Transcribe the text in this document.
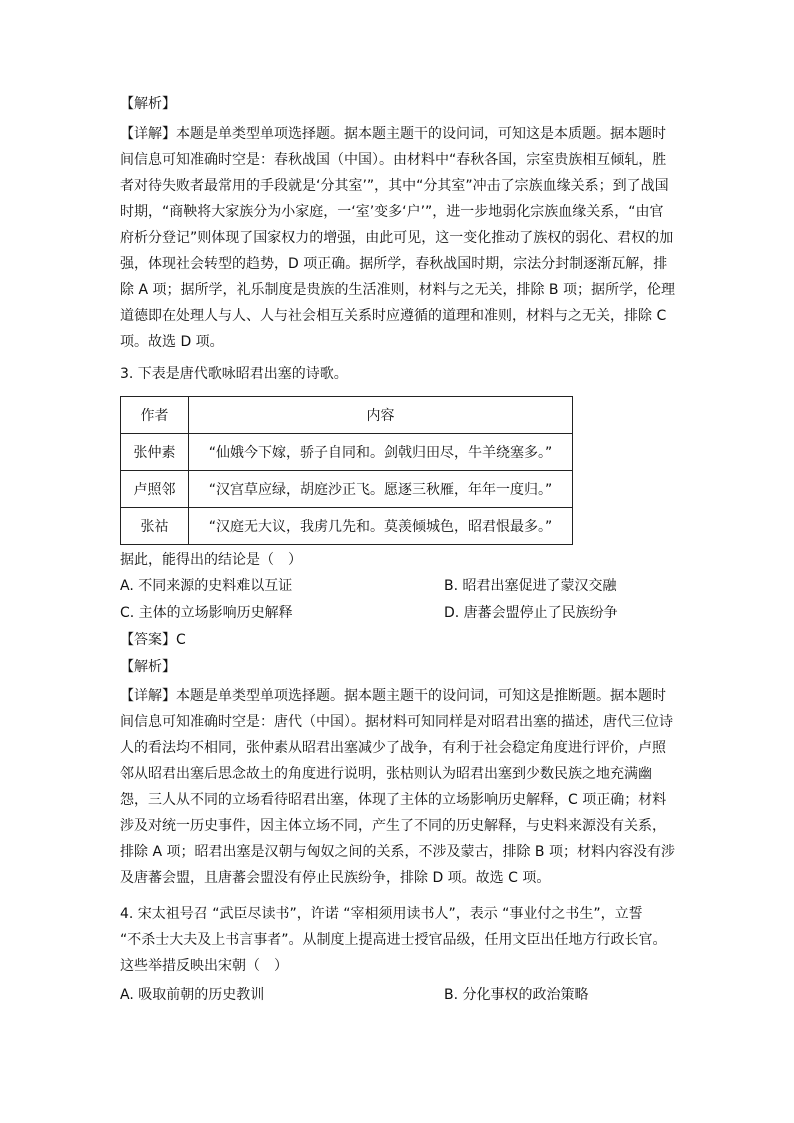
【解析】
【详解】本题是单类型单项选择题。据本题主题干的设问词，可知这是本质题。据本题时
间信息可知准确时空是：春秋战国（中国）。由材料中“春秋各国，宗室贵族相互倾轧，胜
者对待失败者最常用的手段就是‘分其室’”，其中“分其室”冲击了宗族血缘关系；到了战国
时期，“商鞅将大家族分为小家庭，一‘室’变多‘户’”，进一步地弱化宗族血缘关系，“由官
府析分登记”则体现了国家权力的增强，由此可见，这一变化推动了族权的弱化、君权的加
强，体现社会转型的趋势，D 项正确。据所学，春秋战国时期，宗法分封制逐渐瓦解，排
除 A 项；据所学，礼乐制度是贵族的生活准则，材料与之无关，排除 B 项；据所学，伦理
道德即在处理人与人、人与社会相互关系时应遵循的道理和准则，材料与之无关，排除 C
项。故选 D 项。
3. 下表是唐代歌咏昭君出塞的诗歌。
作者	内容
张仲素	“仙娥今下嫁，骄子自同和。剑戟归田尽，牛羊绕塞多。”
卢照邻	“汉宫草应绿，胡庭沙正飞。愿逐三秋雁，年年一度归。”
张祜	“汉庭无大议，我虏几先和。莫羡倾城色，昭君恨最多。”
据此，能得出的结论是（　）
A. 不同来源的史料难以互证	B. 昭君出塞促进了蒙汉交融
C. 主体的立场影响历史解释	D. 唐蕃会盟停止了民族纷争
【答案】C
【解析】
【详解】本题是单类型单项选择题。据本题主题干的设问词，可知这是推断题。据本题时
间信息可知准确时空是：唐代（中国）。据材料可知同样是对昭君出塞的描述，唐代三位诗
人的看法均不相同，张仲素从昭君出塞减少了战争，有利于社会稳定角度进行评价，卢照
邻从昭君出塞后思念故土的角度进行说明，张枯则认为昭君出塞到少数民族之地充满幽
怨，三人从不同的立场看待昭君出塞，体现了主体的立场影响历史解释，C 项正确；材料
涉及对统一历史事件，因主体立场不同，产生了不同的历史解释，与史料来源没有关系，
排除 A 项；昭君出塞是汉朝与匈奴之间的关系，不涉及蒙古，排除 B 项；材料内容没有涉
及唐蕃会盟，且唐蕃会盟没有停止民族纷争，排除 D 项。故选 C 项。
4. 宋太祖号召 “武臣尽读书”，许诺 “宰相须用读书人”，表示 “事业付之书生”，立誓
“不杀士大夫及上书言事者”。从制度上提高进士授官品级，任用文臣出任地方行政长官。
这些举措反映出宋朝（　）
A. 吸取前朝的历史教训	B. 分化事权的政治策略
